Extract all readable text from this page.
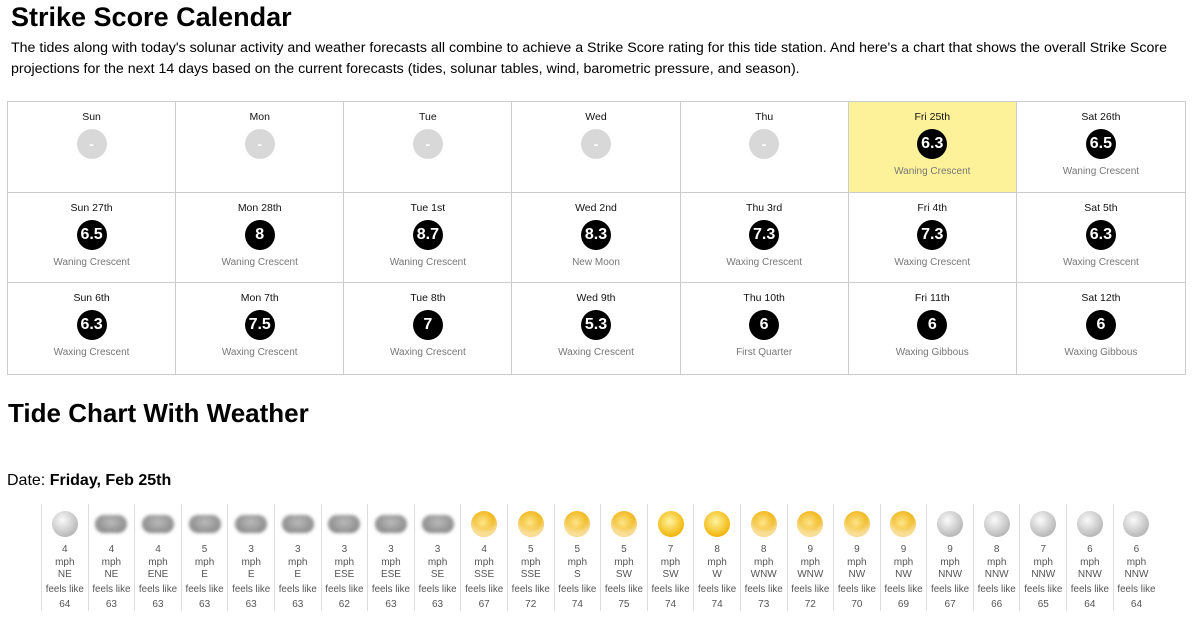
Strike Score Calendar

The tides along with today's solunar activity and weather forecasts all combine to achieve a Strike Score rating for this tide station. And here's a chart that shows the overall Strike Score projections for the next 14 days based on the current forecasts (tides, solunar tables, wind, barometric pressure, and season).

Sun
-
Mon
-
Tue
-
Wed
-
Thu
-
Fri 25th
6.3
Waning Crescent
Sat 26th
6.5
Waning Crescent
Sun 27th
6.5
Waning Crescent
Mon 28th
8
Waning Crescent
Tue 1st
8.7
Waning Crescent
Wed 2nd
8.3
New Moon
Thu 3rd
7.3
Waxing Crescent
Fri 4th
7.3
Waxing Crescent
Sat 5th
6.3
Waxing Crescent
Sun 6th
6.3
Waxing Crescent
Mon 7th
7.5
Waxing Crescent
Tue 8th
7
Waxing Crescent
Wed 9th
5.3
Waxing Crescent
Thu 10th
6
First Quarter
Fri 11th
6
Waxing Gibbous
Sat 12th
6
Waxing Gibbous
Tide Chart With Weather
Date: Friday, Feb 25th
4
mph
NE
feels like
64
4
mph
NE
feels like
63
4
mph
ENE
feels like
63
5
mph
E
feels like
63
3
mph
E
feels like
63
3
mph
E
feels like
63
3
mph
ESE
feels like
62
3
mph
ESE
feels like
63
3
mph
SE
feels like
63
4
mph
SSE
feels like
67
5
mph
SSE
feels like
72
5
mph
S
feels like
74
5
mph
SW
feels like
75
7
mph
SW
feels like
74
8
mph
W
feels like
74
8
mph
WNW
feels like
73
9
mph
WNW
feels like
72
9
mph
NW
feels like
70
9
mph
NW
feels like
69
9
mph
NNW
feels like
67
8
mph
NNW
feels like
66
7
mph
NNW
feels like
65
6
mph
NNW
feels like
64
6
mph
NNW
feels like
64
